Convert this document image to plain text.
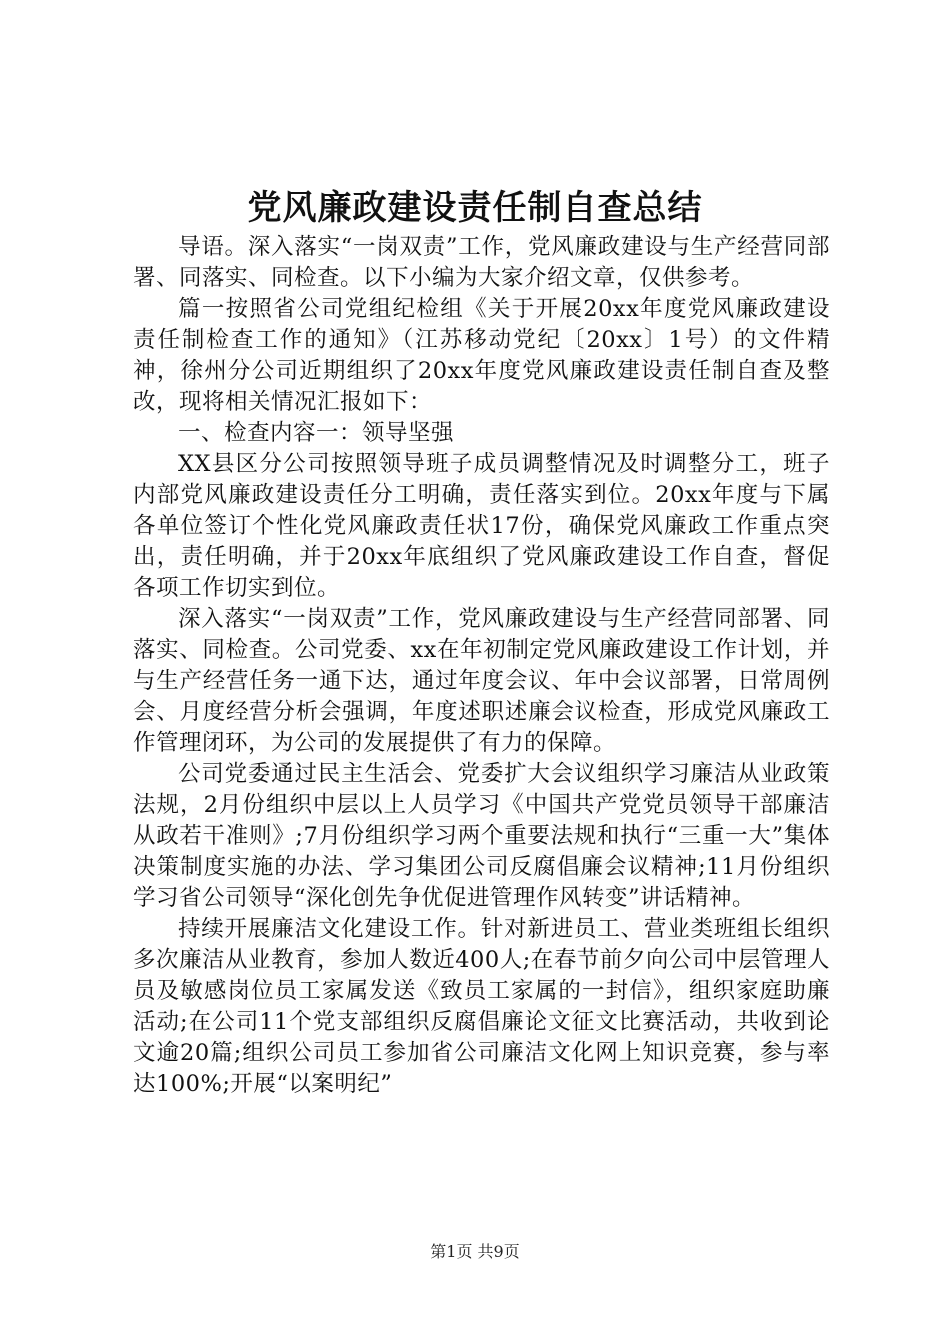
党风廉政建设责任制自查总结

导语。深入落实“一岗双责”工作，党风廉政建设与生产经营同部署、同落实、同检查。以下小编为大家介绍文章，仅供参考。

篇一按照省公司党组纪检组《关于开展20xx年度党风廉政建设责任制检查工作的通知》（江苏移动党纪〔20xx〕1号）的文件精神，徐州分公司近期组织了20xx年度党风廉政建设责任制自查及整改，现将相关情况汇报如下：

一、检查内容一：领导坚强

XX县区分公司按照领导班子成员调整情况及时调整分工，班子内部党风廉政建设责任分工明确，责任落实到位。20xx年度与下属各单位签订个性化党风廉政责任状17份，确保党风廉政工作重点突出，责任明确，并于20xx年底组织了党风廉政建设工作自查，督促各项工作切实到位。

深入落实“一岗双责”工作，党风廉政建设与生产经营同部署、同落实、同检查。公司党委、xx在年初制定党风廉政建设工作计划，并与生产经营任务一通下达，通过年度会议、年中会议部署，日常周例会、月度经营分析会强调，年度述职述廉会议检查，形成党风廉政工作管理闭环，为公司的发展提供了有力的保障。

公司党委通过民主生活会、党委扩大会议组织学习廉洁从业政策法规，2月份组织中层以上人员学习《中国共产党党员领导干部廉洁从政若干准则》;7月份组织学习两个重要法规和执行“三重一大”集体决策制度实施的办法、学习集团公司反腐倡廉会议精神;11月份组织学习省公司领导“深化创先争优促进管理作风转变”讲话精神。

持续开展廉洁文化建设工作。针对新进员工、营业类班组长组织多次廉洁从业教育，参加人数近400人;在春节前夕向公司中层管理人员及敏感岗位员工家属发送《致员工家属的一封信》，组织家庭助廉活动;在公司11个党支部组织反腐倡廉论文征文比赛活动，共收到论文逾20篇;组织公司员工参加省公司廉洁文化网上知识竞赛，参与率达100%;开展“以案明纪”

第1页 共9页
